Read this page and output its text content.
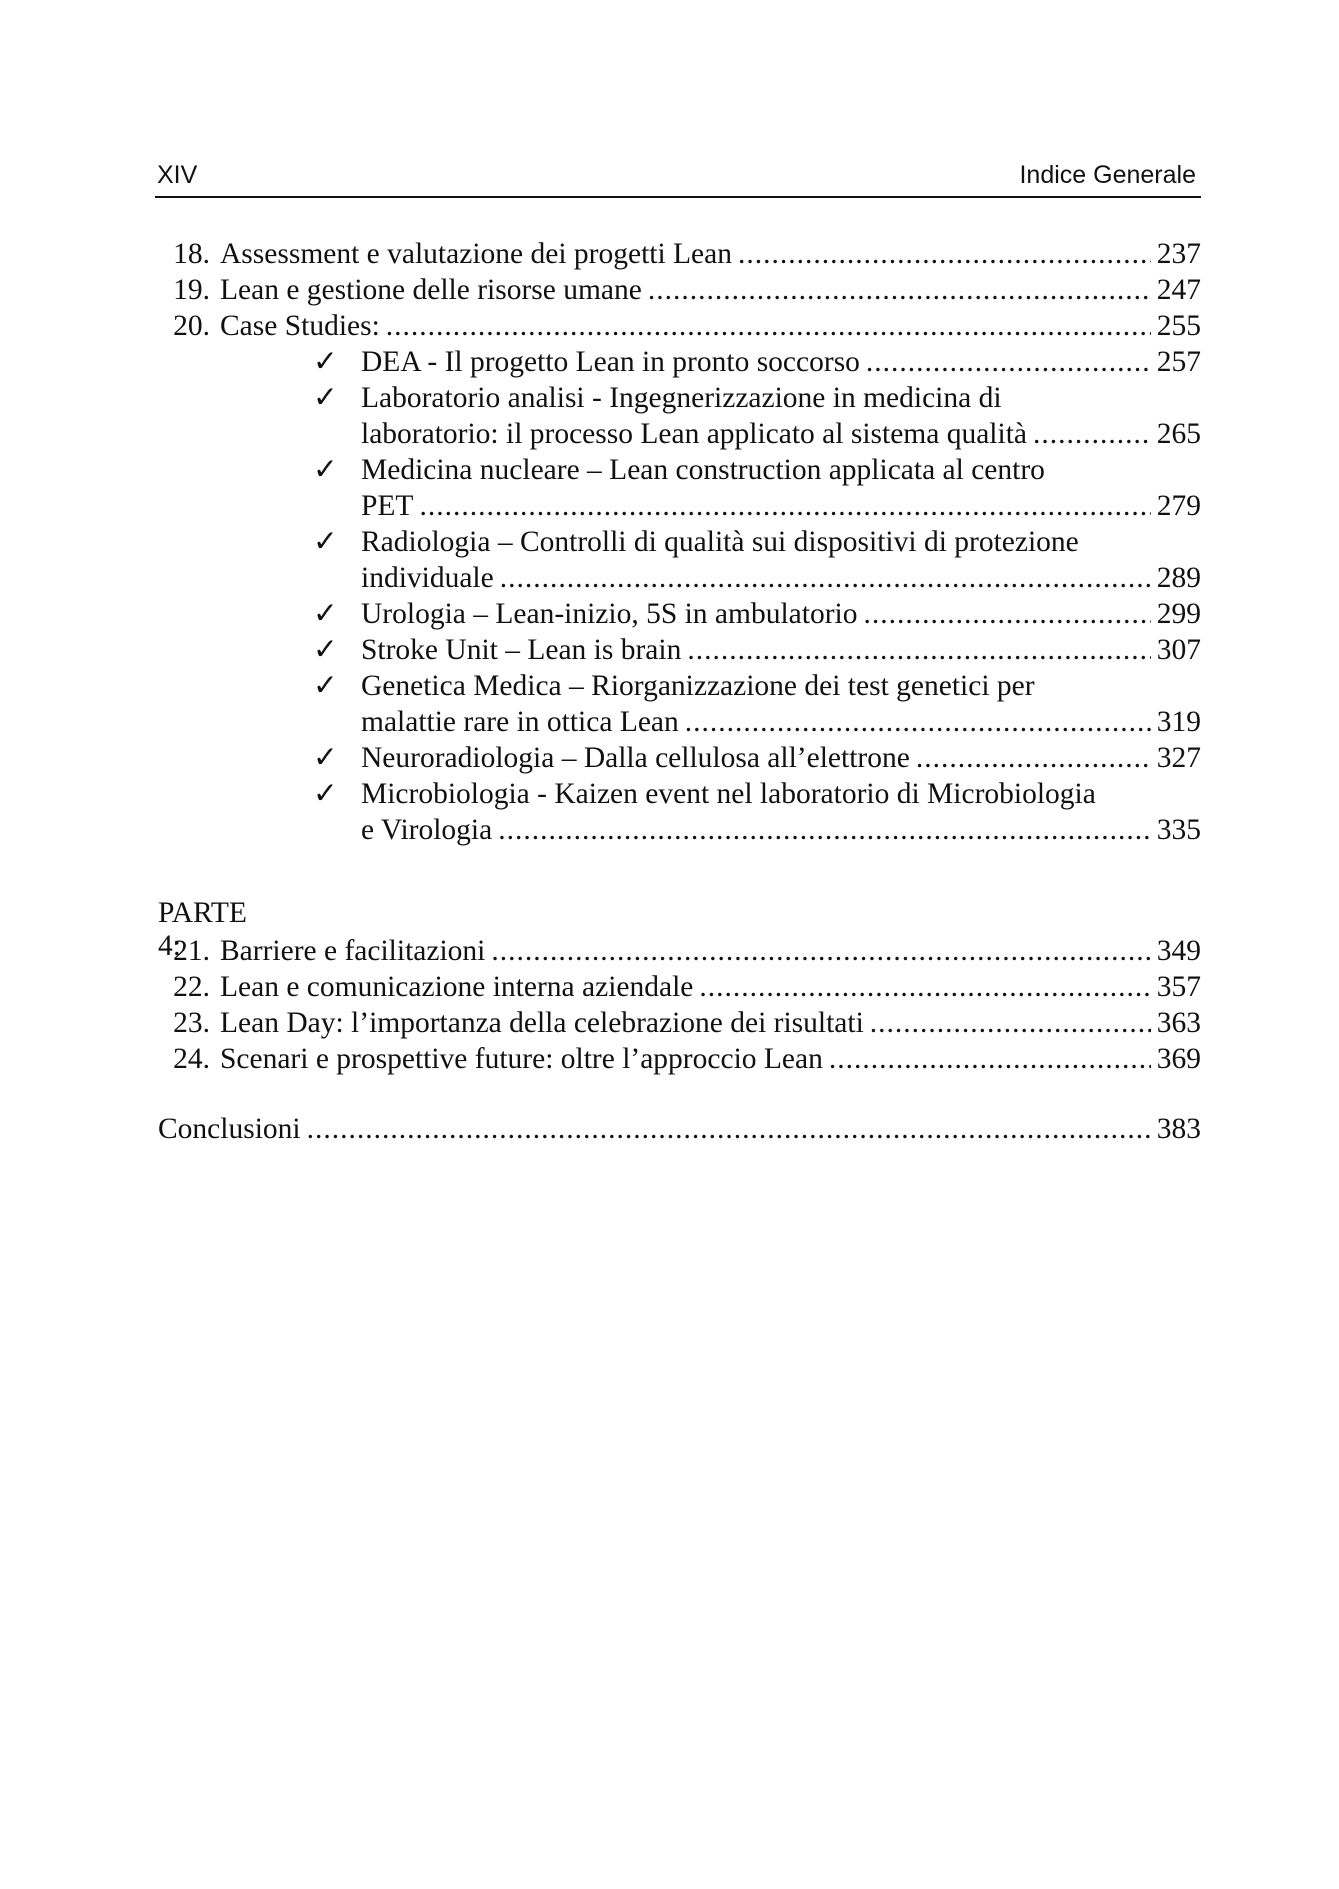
XIV	Indice Generale
18. Assessment e valutazione dei progetti Lean .....	237
19. Lean e gestione delle risorse umane .....	247
20. Case Studies: .....	255
✓ DEA - Il progetto Lean in pronto soccorso .....	257
✓ Laboratorio analisi - Ingegnerizzazione in medicina di
laboratorio: il processo Lean applicato al sistema qualità .....	265
✓ Medicina nucleare – Lean construction applicata al centro
PET .....	279
✓ Radiologia – Controlli di qualità sui dispositivi di protezione
individuale .....	289
✓ Urologia – Lean-inizio, 5S in ambulatorio .....	299
✓ Stroke Unit – Lean is brain .....	307
✓ Genetica Medica – Riorganizzazione dei test genetici per
malattie rare in ottica Lean .....	319
✓ Neuroradiologia – Dalla cellulosa all’elettrone .....	327
✓ Microbiologia - Kaizen event nel laboratorio di Microbiologia
e Virologia .....	335
PARTE 4:
21. Barriere e facilitazioni .....	349
22. Lean e comunicazione interna aziendale .....	357
23. Lean Day: l’importanza della celebrazione dei risultati .....	363
24. Scenari e prospettive future: oltre l’approccio Lean .....	369
Conclusioni .....	383
